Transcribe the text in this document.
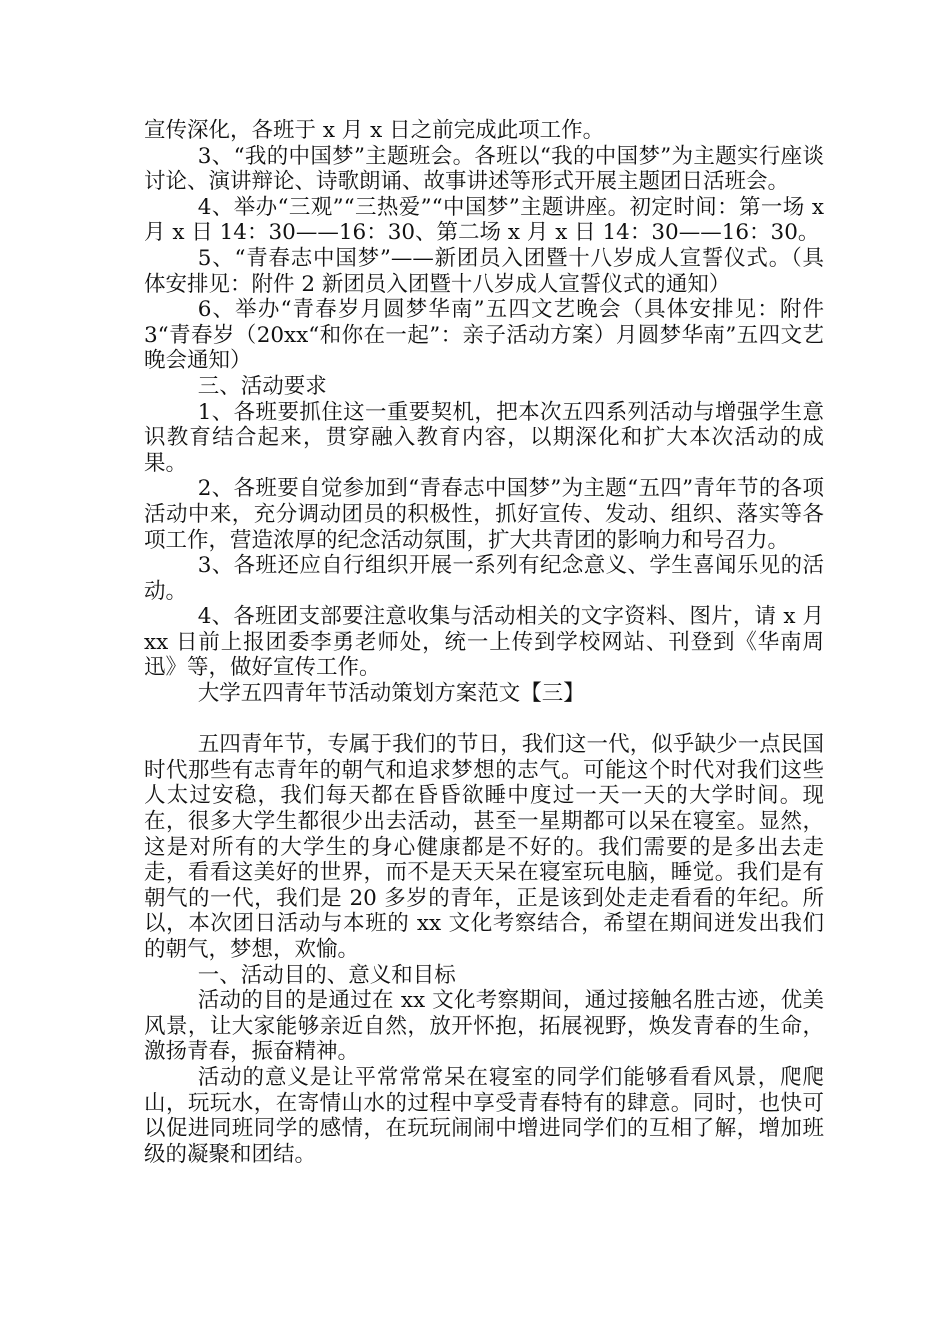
宣传深化，各班于 x 月 x 日之前完成此项工作。

3、“我的中国梦”主题班会。各班以“我的中国梦”为主题实行座谈讨论、演讲辩论、诗歌朗诵、故事讲述等形式开展主题团日活班会。

4、举办“三观”“三热爱”“中国梦”主题讲座。初定时间：第一场 x 月 x 日 14：30——16：30、第二场 x 月 x 日 14：30——16：30。

5、“青春志中国梦”——新团员入团暨十八岁成人宣誓仪式。（具体安排见：附件 2 新团员入团暨十八岁成人宣誓仪式的通知）

6、举办“青春岁月圆梦华南”五四文艺晚会（具体安排见：附件 3“青春岁（20xx“和你在一起”：亲子活动方案）月圆梦华南”五四文艺晚会通知）

三、活动要求

1、各班要抓住这一重要契机，把本次五四系列活动与增强学生意识教育结合起来，贯穿融入教育内容，以期深化和扩大本次活动的成果。

2、各班要自觉参加到“青春志中国梦”为主题“五四”青年节的各项活动中来，充分调动团员的积极性，抓好宣传、发动、组织、落实等各项工作，营造浓厚的纪念活动氛围，扩大共青团的影响力和号召力。

3、各班还应自行组织开展一系列有纪念意义、学生喜闻乐见的活动。

4、各班团支部要注意收集与活动相关的文字资料、图片，请 x 月 xx 日前上报团委李勇老师处，统一上传到学校网站、刊登到《华南周迅》等，做好宣传工作。

大学五四青年节活动策划方案范文【三】

五四青年节，专属于我们的节日，我们这一代，似乎缺少一点民国时代那些有志青年的朝气和追求梦想的志气。可能这个时代对我们这些人太过安稳，我们每天都在昏昏欲睡中度过一天一天的大学时间。现在，很多大学生都很少出去活动，甚至一星期都可以呆在寝室。显然，这是对所有的大学生的身心健康都是不好的。我们需要的是多出去走走，看看这美好的世界，而不是天天呆在寝室玩电脑，睡觉。我们是有朝气的一代，我们是 20 多岁的青年，正是该到处走走看看的年纪。所以，本次团日活动与本班的 xx 文化考察结合，希望在期间迸发出我们的朝气，梦想，欢愉。

一、活动目的、意义和目标

活动的目的是通过在 xx 文化考察期间，通过接触名胜古迹，优美风景，让大家能够亲近自然，放开怀抱，拓展视野，焕发青春的生命，激扬青春，振奋精神。

活动的意义是让平常常常呆在寝室的同学们能够看看风景，爬爬山，玩玩水，在寄情山水的过程中享受青春特有的肆意。同时，也快可以促进同班同学的感情，在玩玩闹闹中增进同学们的互相了解，增加班级的凝聚和团结。
